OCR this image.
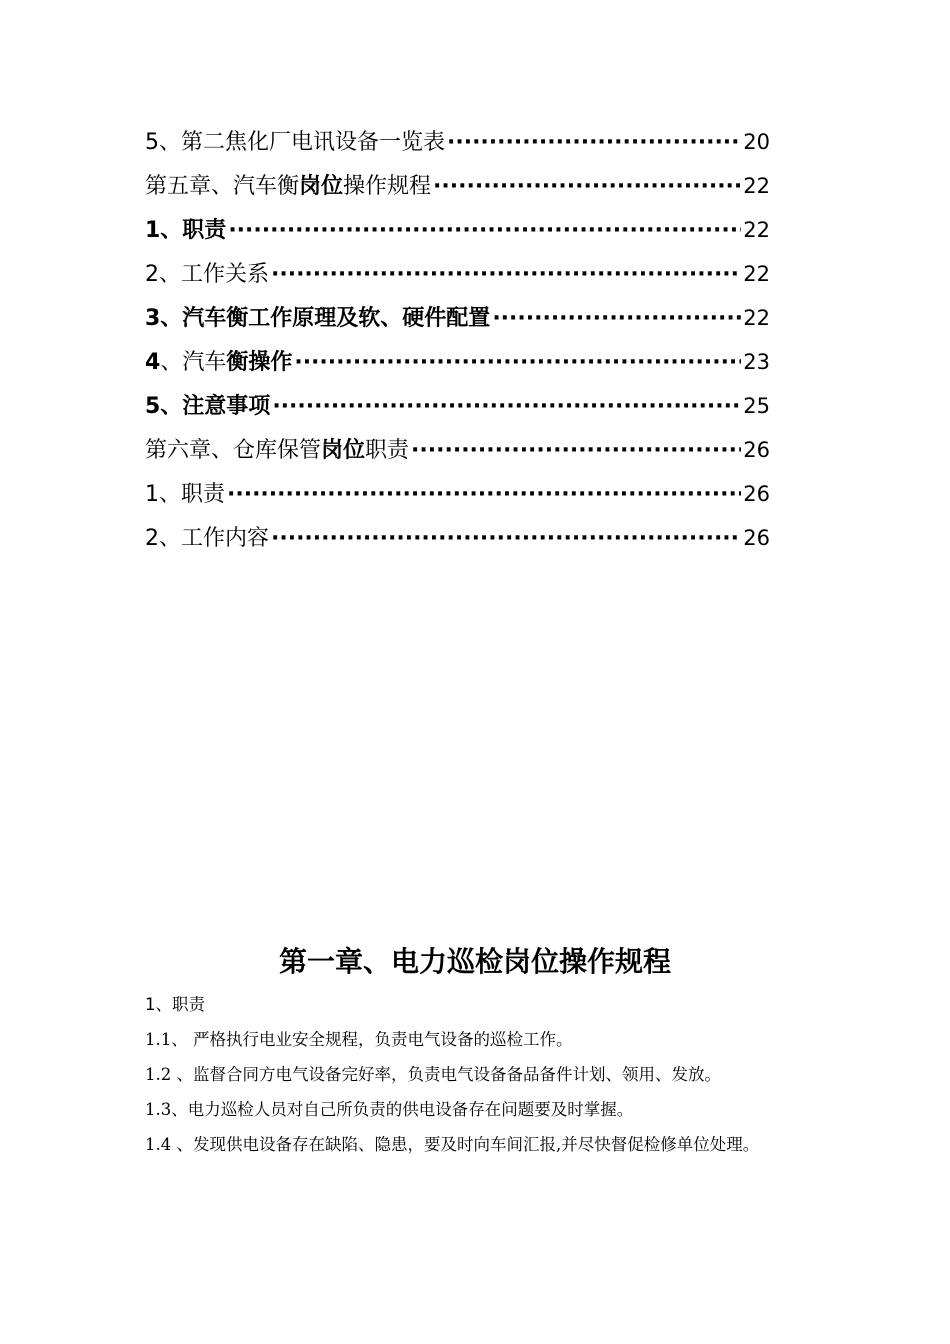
5、第二焦化厂电讯设备一览表 ·····	20
第五章、汽车衡岗位操作规程 ·····	22
1、职责 ·····	22
2、工作关系 ·····	22
3、汽车衡工作原理及软、硬件配置 ·····	22
4、汽车衡操作 ·····	23
5、注意事项 ·····	25
第六章、仓库保管岗位职责 ·····	26
1、职责 ·····	26
2、工作内容 ·····	26
第一章、电力巡检岗位操作规程
1、职责

1.1、 严格执行电业安全规程，负责电气设备的巡检工作。

1.2 、监督合同方电气设备完好率，负责电气设备备品备件计划、领用、发放。

1.3、电力巡检人员对自己所负责的供电设备存在问题要及时掌握。

1.4 、发现供电设备存在缺陷、隐患，要及时向车间汇报,并尽快督促检修单位处理。
